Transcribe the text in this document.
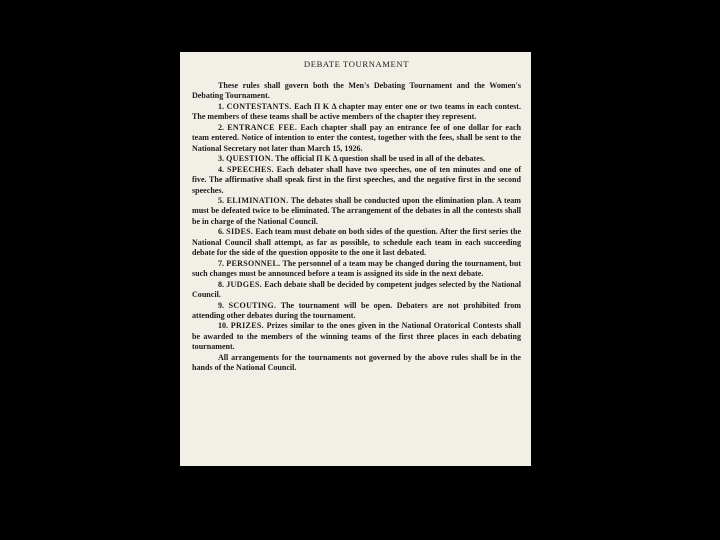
DEBATE TOURNAMENT

These rules shall govern both the Men's Debating Tournament and the Women's Debating Tournament.

1. CONTESTANTS. Each Π K Δ chapter may enter one or two teams in each contest. The members of these teams shall be active members of the chapter they represent.

2. ENTRANCE FEE. Each chapter shall pay an entrance fee of one dollar for each team entered. Notice of intention to enter the contest, together with the fees, shall be sent to the National Secretary not later than March 15, 1926.

3. QUESTION. The official Π K Δ question shall be used in all of the debates.

4. SPEECHES. Each debater shall have two speeches, one of ten minutes and one of five. The affirmative shall speak first in the first speeches, and the negative first in the second speeches.

5. ELIMINATION. The debates shall be conducted upon the elimination plan. A team must be defeated twice to be eliminated. The arrangement of the debates in all the contests shall be in charge of the National Council.

6. SIDES. Each team must debate on both sides of the question. After the first series the National Council shall attempt, as far as possible, to schedule each team in each succeeding debate for the side of the question opposite to the one it last debated.

7. PERSONNEL. The personnel of a team may be changed during the tournament, but such changes must be announced before a team is assigned its side in the next debate.

8. JUDGES. Each debate shall be decided by competent judges selected by the National Council.

9. SCOUTING. The tournament will be open. Debaters are not prohibited from attending other debates during the tournament.

10. PRIZES. Prizes similar to the ones given in the National Oratorical Contests shall be awarded to the members of the winning teams of the first three places in each debating tournament.

All arrangements for the tournaments not governed by the above rules shall be in the hands of the National Council.
